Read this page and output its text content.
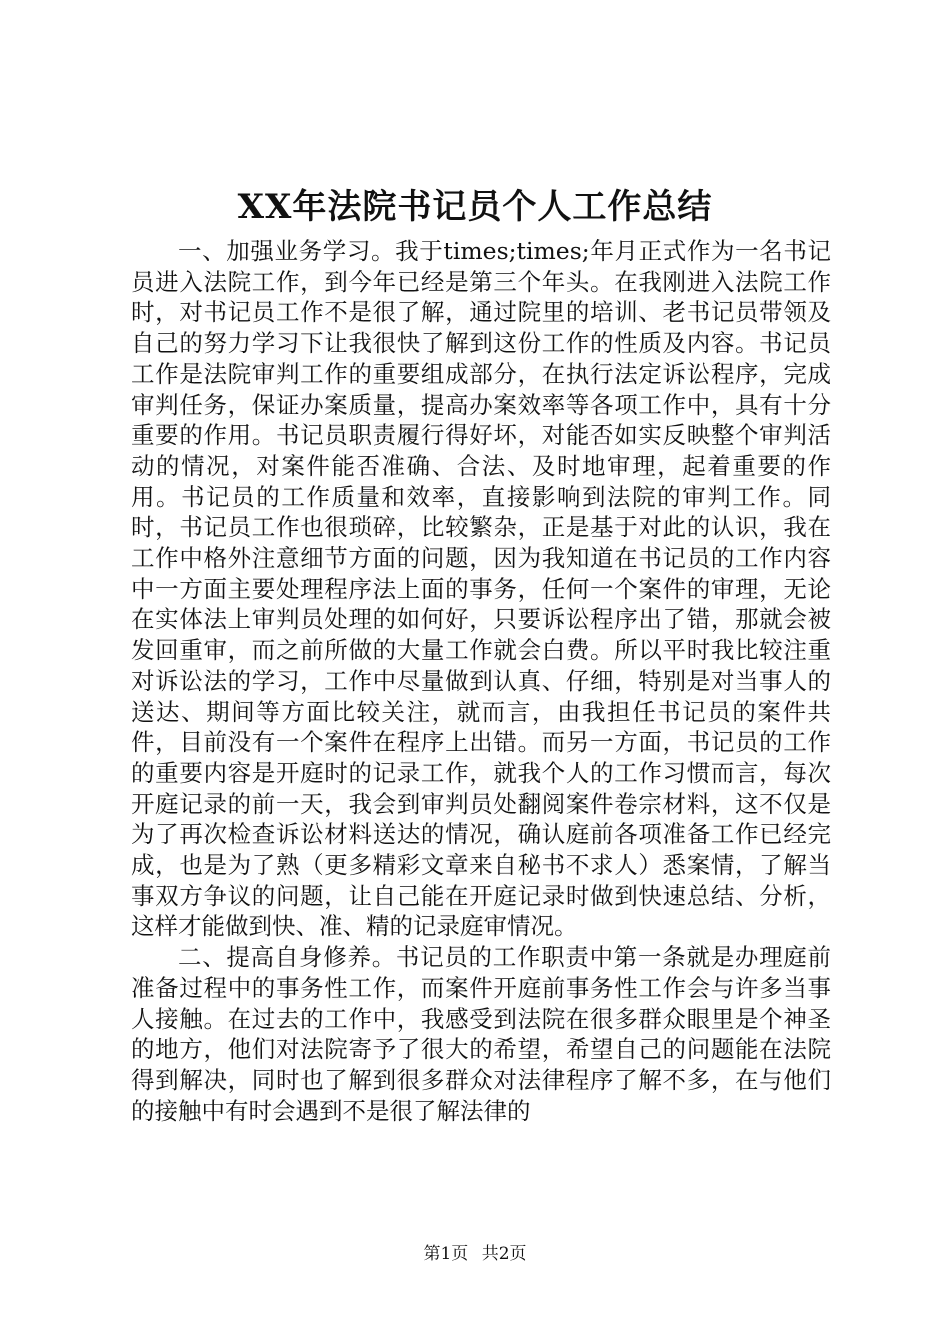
XX年法院书记员个人工作总结

一、加强业务学习。我于times;times;年月正式作为一名书记员进入法院工作，到今年已经是第三个年头。在我刚进入法院工作时，对书记员工作不是很了解，通过院里的培训、老书记员带领及自己的努力学习下让我很快了解到这份工作的性质及内容。书记员工作是法院审判工作的重要组成部分，在执行法定诉讼程序，完成审判任务，保证办案质量，提高办案效率等各项工作中，具有十分重要的作用。书记员职责履行得好坏，对能否如实反映整个审判活动的情况，对案件能否准确、合法、及时地审理，起着重要的作用。书记员的工作质量和效率，直接影响到法院的审判工作。同时，书记员工作也很琐碎，比较繁杂，正是基于对此的认识，我在工作中格外注意细节方面的问题，因为我知道在书记员的工作内容中一方面主要处理程序法上面的事务，任何一个案件的审理，无论在实体法上审判员处理的如何好，只要诉讼程序出了错，那就会被发回重审，而之前所做的大量工作就会白费。所以平时我比较注重对诉讼法的学习，工作中尽量做到认真、仔细，特别是对当事人的送达、期间等方面比较关注，就而言，由我担任书记员的案件共件，目前没有一个案件在程序上出错。而另一方面，书记员的工作的重要内容是开庭时的记录工作，就我个人的工作习惯而言，每次开庭记录的前一天，我会到审判员处翻阅案件卷宗材料，这不仅是为了再次检查诉讼材料送达的情况，确认庭前各项准备工作已经完成，也是为了熟（更多精彩文章来自秘书不求人）悉案情，了解当事双方争议的问题，让自己能在开庭记录时做到快速总结、分析，这样才能做到快、准、精的记录庭审情况。

二、提高自身修养。书记员的工作职责中第一条就是办理庭前准备过程中的事务性工作，而案件开庭前事务性工作会与许多当事人接触。在过去的工作中，我感受到法院在很多群众眼里是个神圣的地方，他们对法院寄予了很大的希望，希望自己的问题能在法院得到解决，同时也了解到很多群众对法律程序了解不多，在与他们的接触中有时会遇到不是很了解法律的

第1页 共2页
